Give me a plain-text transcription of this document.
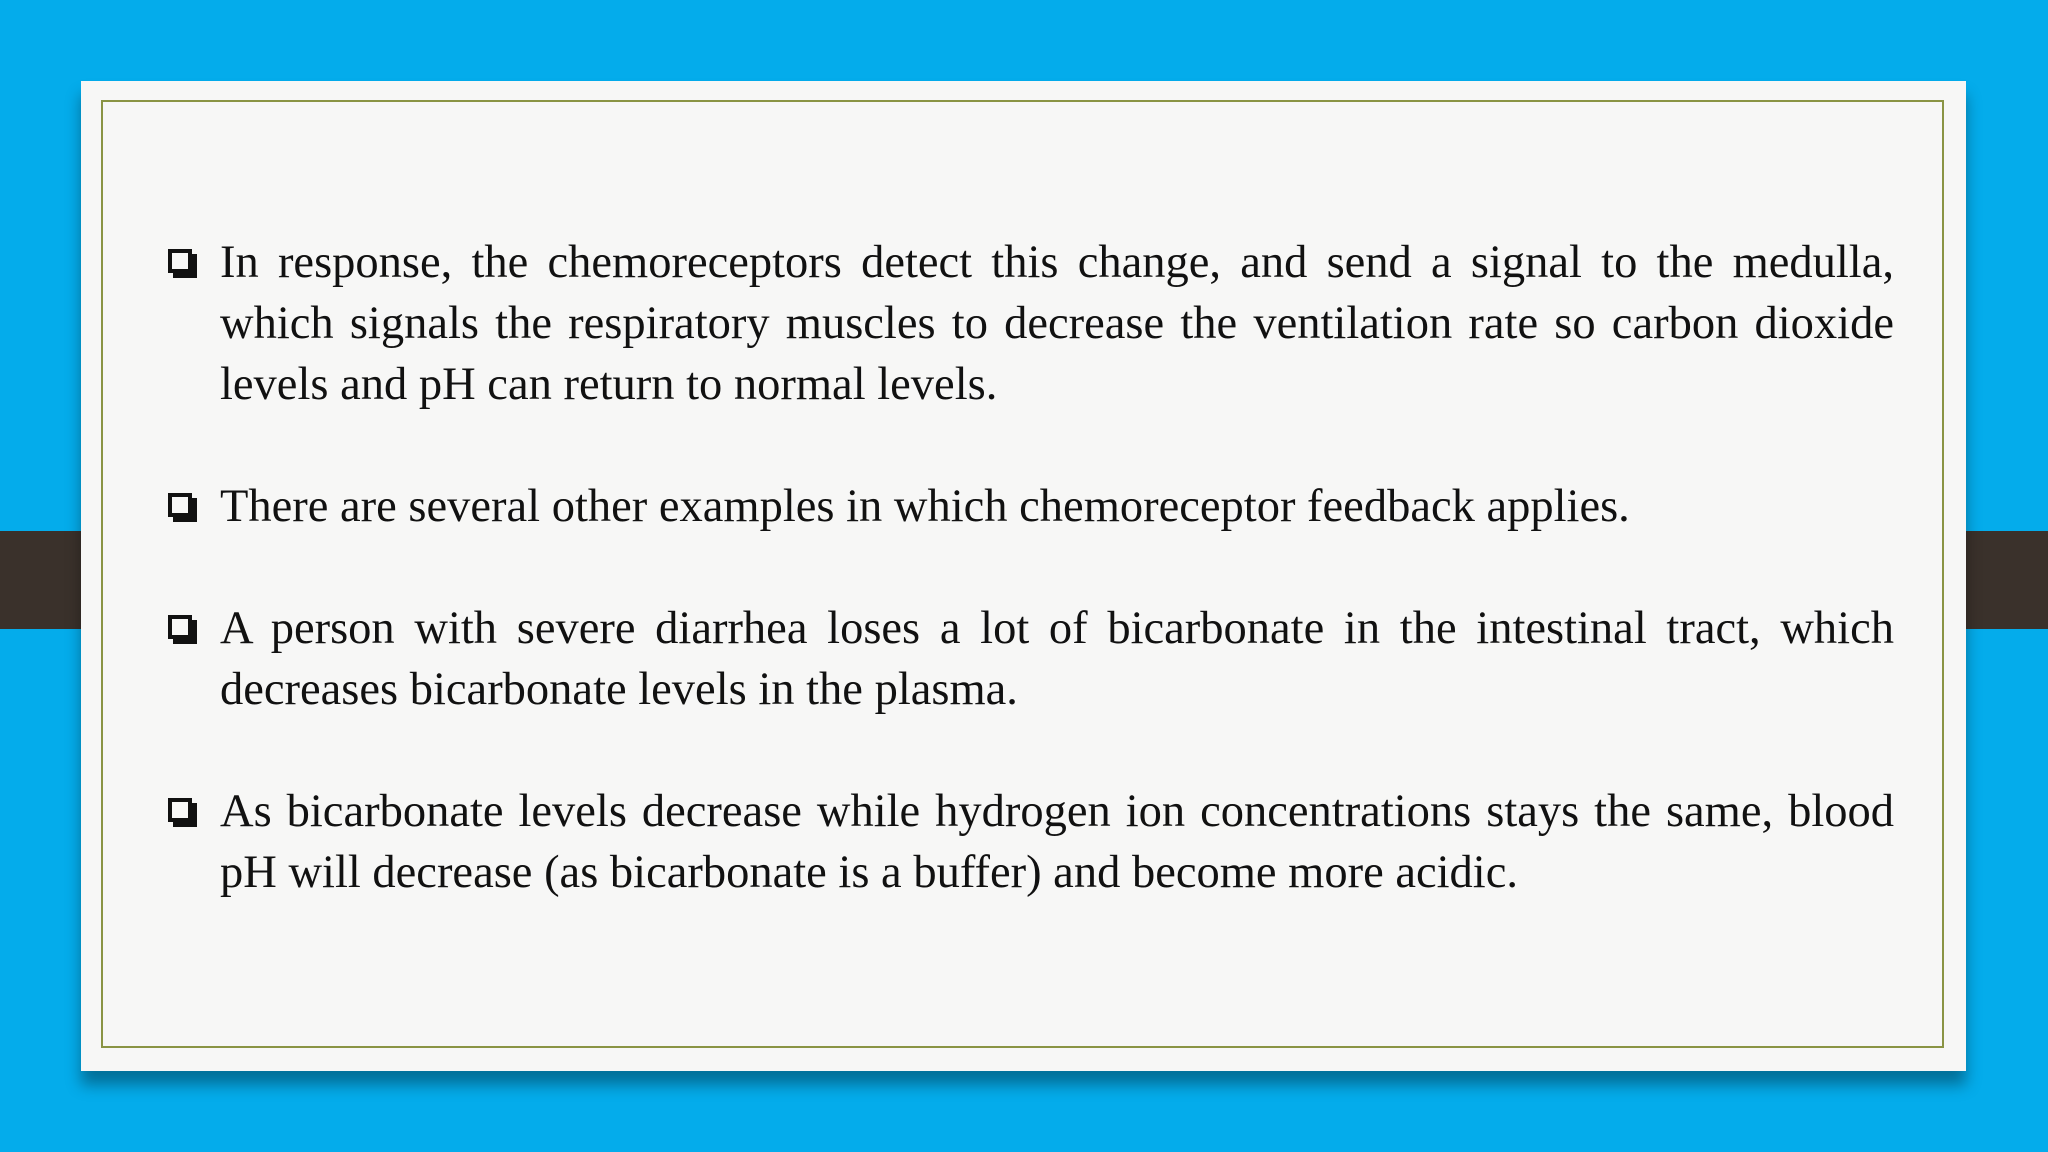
In response, the chemoreceptors detect this change, and send a signal to the medulla, which signals the respiratory muscles to decrease the ventilation rate so carbon dioxide levels and pH can return to normal levels.
There are several other examples in which chemoreceptor feedback applies.
A person with severe diarrhea loses a lot of bicarbonate in the intestinal tract, which decreases bicarbonate levels in the plasma.
As bicarbonate levels decrease while hydrogen ion concentrations stays the same, blood pH will decrease (as bicarbonate is a buffer) and become more acidic.
